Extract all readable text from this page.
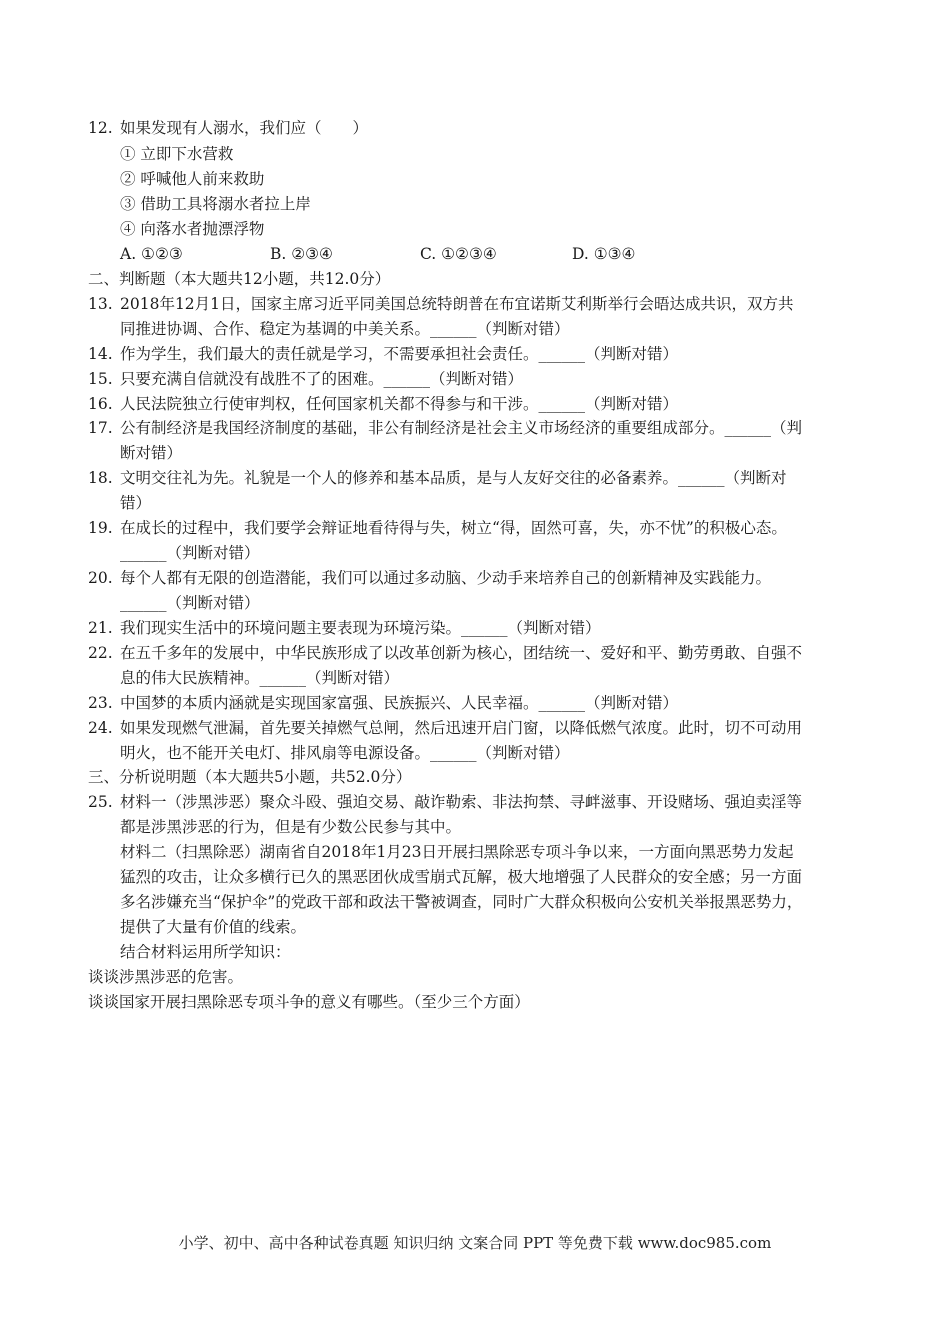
12. 如果发现有人溺水，我们应（　　）
① 立即下水营救
② 呼喊他人前来救助
③ 借助工具将溺水者拉上岸
④ 向落水者抛漂浮物
A. ①②③	B. ②③④	C. ①②③④	D. ①③④
二、判断题（本大题共12小题，共12.0分）
13. 2018年12月1日，国家主席习近平同美国总统特朗普在布宜诺斯艾利斯举行会晤达成共识，双方共
同推进协调、合作、稳定为基调的中美关系。______（判断对错）
14. 作为学生，我们最大的责任就是学习，不需要承担社会责任。______（判断对错）
15. 只要充满自信就没有战胜不了的困难。______（判断对错）
16. 人民法院独立行使审判权，任何国家机关都不得参与和干涉。______（判断对错）
17. 公有制经济是我国经济制度的基础，非公有制经济是社会主义市场经济的重要组成部分。______（判
断对错）
18. 文明交往礼为先。礼貌是一个人的修养和基本品质，是与人友好交往的必备素养。______（判断对
错）
19. 在成长的过程中，我们要学会辩证地看待得与失，树立“得，固然可喜，失，亦不忧”的积极心态。
______（判断对错）
20. 每个人都有无限的创造潜能，我们可以通过多动脑、少动手来培养自己的创新精神及实践能力。
______（判断对错）
21. 我们现实生活中的环境问题主要表现为环境污染。______（判断对错）
22. 在五千多年的发展中，中华民族形成了以改革创新为核心，团结统一、爱好和平、勤劳勇敢、自强不
息的伟大民族精神。______（判断对错）
23. 中国梦的本质内涵就是实现国家富强、民族振兴、人民幸福。______（判断对错）
24. 如果发现燃气泄漏，首先要关掉燃气总闸，然后迅速开启门窗，以降低燃气浓度。此时，切不可动用
明火，也不能开关电灯、排风扇等电源设备。______（判断对错）
三、分析说明题（本大题共5小题，共52.0分）
25. 材料一（涉黑涉恶）聚众斗殴、强迫交易、敲诈勒索、非法拘禁、寻衅滋事、开设赌场、强迫卖淫等
都是涉黑涉恶的行为，但是有少数公民参与其中。
材料二（扫黑除恶）湖南省自2018年1月23日开展扫黑除恶专项斗争以来，一方面向黑恶势力发起
猛烈的攻击，让众多横行已久的黑恶团伙成雪崩式瓦解，极大地增强了人民群众的安全感；另一方面
多名涉嫌充当“保护伞”的党政干部和政法干警被调查，同时广大群众积极向公安机关举报黑恶势力，
提供了大量有价值的线索。
结合材料运用所学知识：
谈谈涉黑涉恶的危害。
谈谈国家开展扫黑除恶专项斗争的意义有哪些。（至少三个方面）
小学、初中、高中各种试卷真题 知识归纳 文案合同 PPT 等免费下载 www.doc985.com
